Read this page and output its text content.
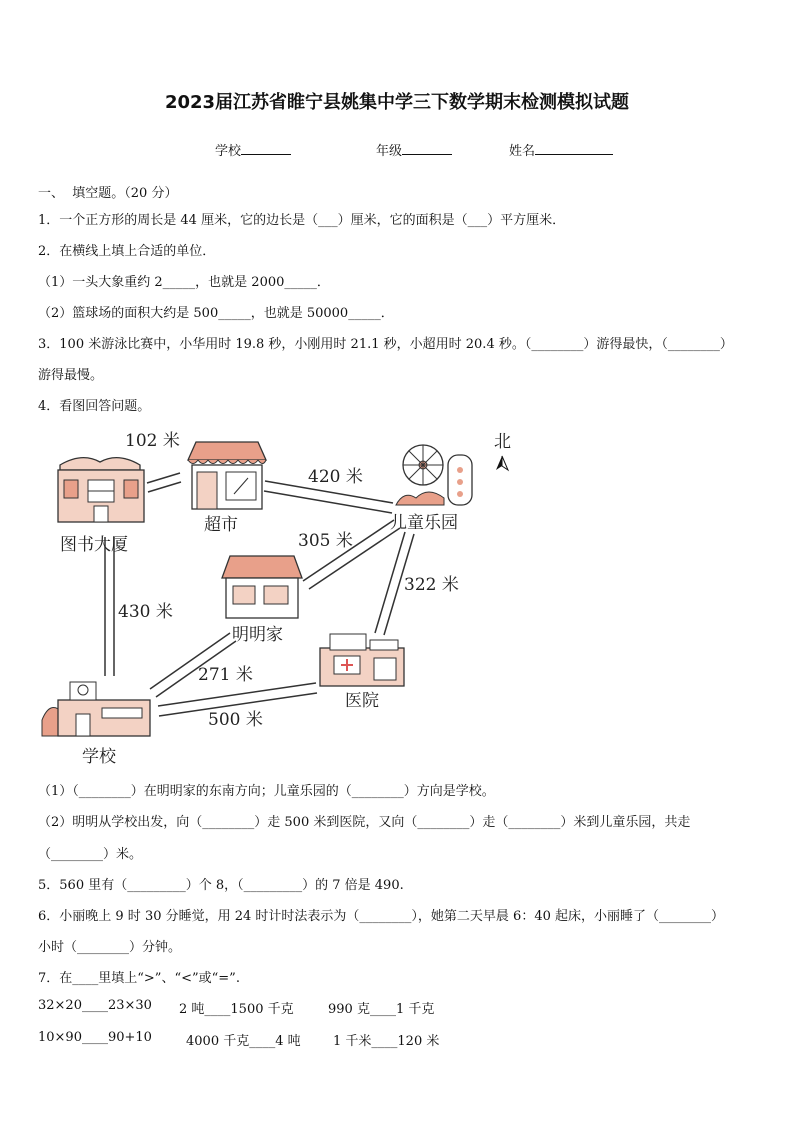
2023届江苏省睢宁县姚集中学三下数学期末检测模拟试题
学校	年级	姓名
一、  填空题。（20 分）
1．一个正方形的周长是 44 厘米，它的边长是（___）厘米，它的面积是（___）平方厘米．
2．在横线上填上合适的单位．
（1）一头大象重约 2_____，也就是 2000_____．
（2）篮球场的面积大约是 500_____，也就是 50000_____．
3．100 米游泳比赛中，小华用时 19.8 秒，小刚用时 21.1 秒，小超用时 20.4 秒。（________）游得最快，（________）
游得最慢。
4．看图回答问题。
北
102 米
420 米
305 米
322 米
430 米
271 米
500 米
超市	儿童乐园
图书大厦
明明家
医院
学校
（1）（________）在明明家的东南方向；儿童乐园的（________）方向是学校。
（2）明明从学校出发，向（________）走 500 米到医院，又向（________）走（________）米到儿童乐园，共走
（________）米。
5．560 里有（_________）个 8，（_________）的 7 倍是 490.
6．小丽晚上 9 时 30 分睡觉，用 24 时计时法表示为（________），她第二天早晨 6：40 起床，小丽睡了（________）
小时（________）分钟。
7．在____里填上“>”、“<”或“=”.
32×20____23×30 2 吨____1500 千克	990 克____1 千克
10×90____90+10	4000 千克____4 吨 1 千米____120 米
